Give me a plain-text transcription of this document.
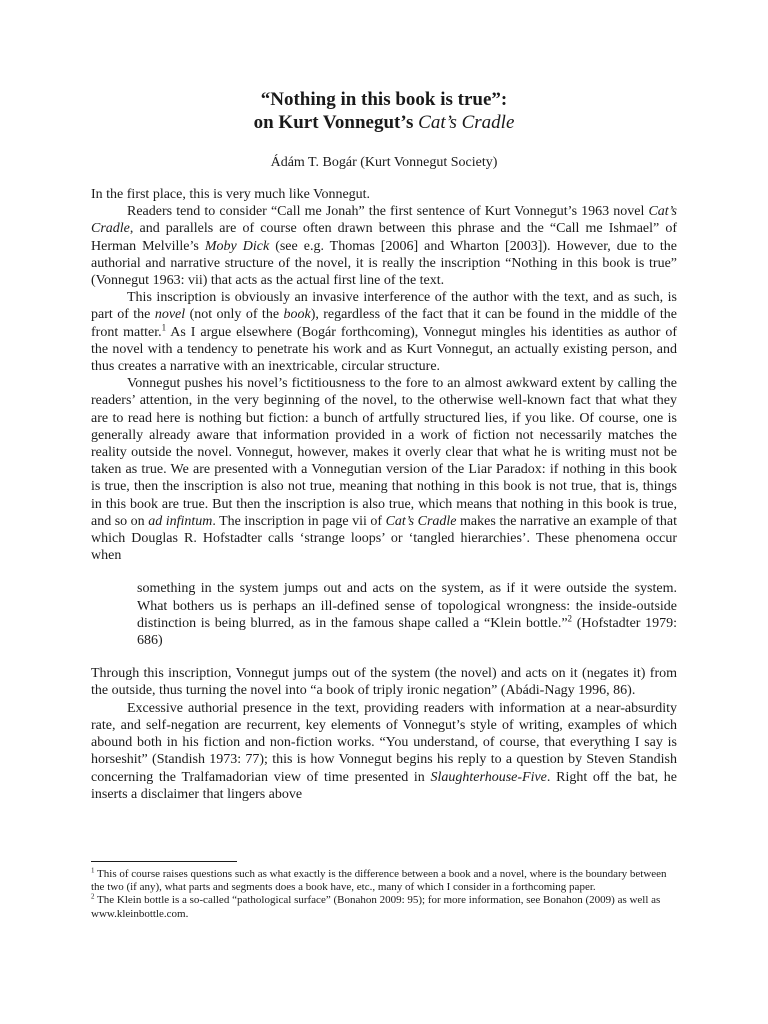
“Nothing in this book is true”:
on Kurt Vonnegut’s Cat’s Cradle
Ádám T. Bogár (Kurt Vonnegut Society)

In the first place, this is very much like Vonnegut.

Readers tend to consider “Call me Jonah” the first sentence of Kurt Vonnegut’s 1963 novel Cat’s Cradle, and parallels are of course often drawn between this phrase and the “Call me Ishmael” of Herman Melville’s Moby Dick (see e.g. Thomas [2006] and Wharton [2003]). However, due to the authorial and narrative structure of the novel, it is really the inscription “Nothing in this book is true” (Vonnegut 1963: vii) that acts as the actual first line of the text.

This inscription is obviously an invasive interference of the author with the text, and as such, is part of the novel (not only of the book), regardless of the fact that it can be found in the middle of the front matter.$^1$ As I argue elsewhere (Bogár forthcoming), Vonnegut mingles his identities as author of the novel with a tendency to penetrate his work and as Kurt Vonnegut, an actually existing person, and thus creates a narrative with an inextricable, circular structure.

Vonnegut pushes his novel’s fictitiousness to the fore to an almost awkward extent by calling the readers’ attention, in the very beginning of the novel, to the otherwise well-known fact that what they are to read here is nothing but fiction: a bunch of artfully structured lies, if you like. Of course, one is generally already aware that information provided in a work of fiction not necessarily matches the reality outside the novel. Vonnegut, however, makes it overly clear that what he is writing must not be taken as true. We are presented with a Vonnegutian version of the Liar Paradox: if nothing in this book is true, then the inscription is also not true, meaning that nothing in this book is not true, that is, things in this book are true. But then the inscription is also true, which means that nothing in this book is true, and so on ad infintum. The inscription in page vii of Cat’s Cradle makes the narrative an example of that which Douglas R. Hofstadter calls ‘strange loops’ or ‘tangled hierarchies’. These phenomena occur when

something in the system jumps out and acts on the system, as if it were outside the system. What bothers us is perhaps an ill-defined sense of topological wrongness: the inside-outside distinction is being blurred, as in the famous shape called a “Klein bottle.”$^2$ (Hofstadter 1979: 686)

Through this inscription, Vonnegut jumps out of the system (the novel) and acts on it (negates it) from the outside, thus turning the novel into “a book of triply ironic negation” (Abádi-Nagy 1996, 86).

Excessive authorial presence in the text, providing readers with information at a near-absurdity rate, and self-negation are recurrent, key elements of Vonnegut’s style of writing, examples of which abound both in his fiction and non-fiction works. “You understand, of course, that everything I say is horseshit” (Standish 1973: 77); this is how Vonnegut begins his reply to a question by Steven Standish concerning the Tralfamadorian view of time presented in Slaughterhouse-Five. Right off the bat, he inserts a disclaimer that lingers above

$^1$ This of course raises questions such as what exactly is the difference between a book and a novel, where is the boundary between the two (if any), what parts and segments does a book have, etc., many of which I consider in a forthcoming paper.

$^2$ The Klein bottle is a so-called “pathological surface” (Bonahon 2009: 95); for more information, see Bonahon (2009) as well as www.kleinbottle.com.
